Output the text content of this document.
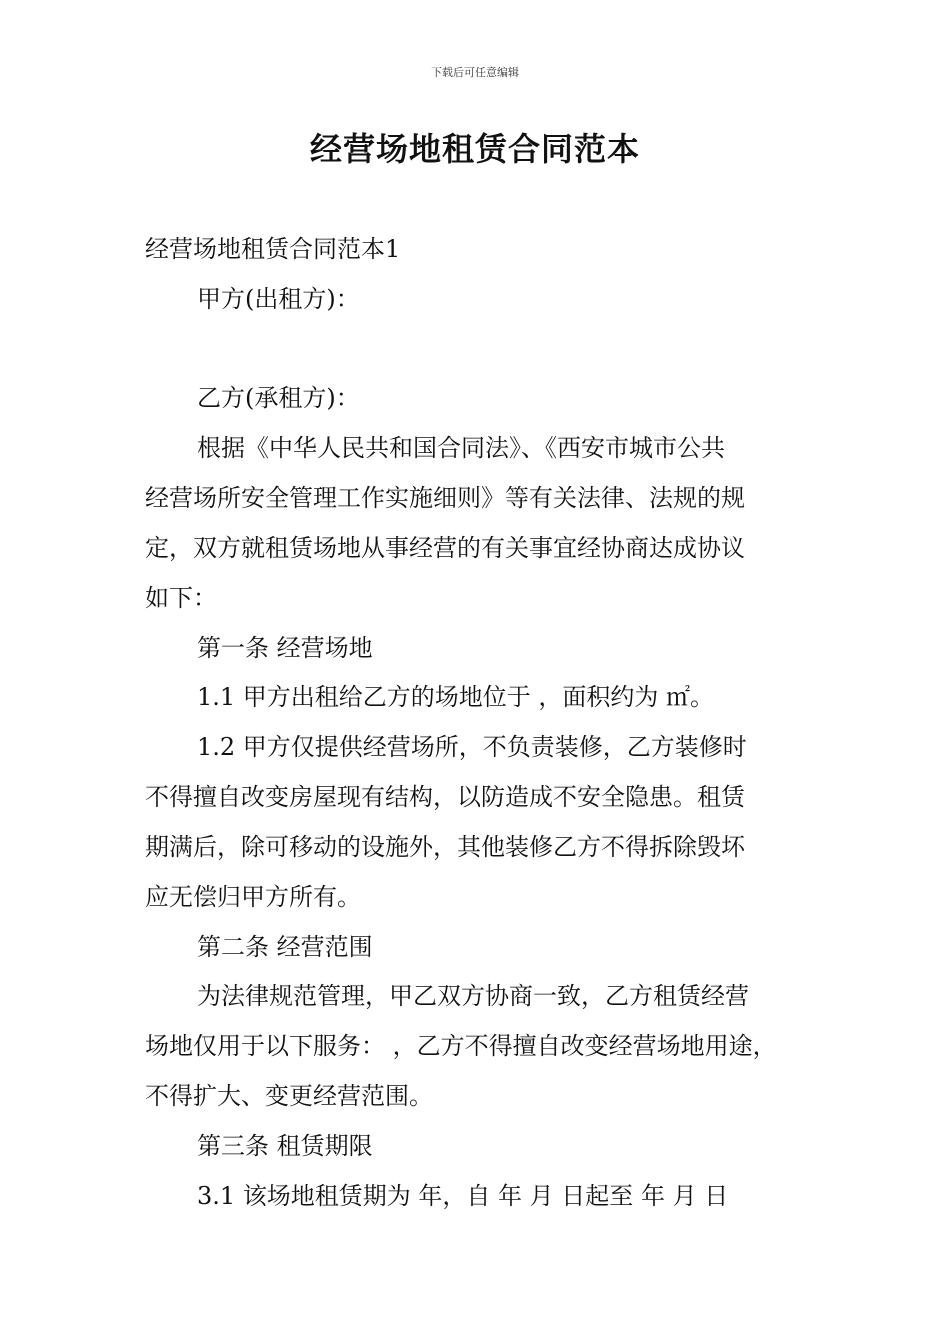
下载后可任意编辑
经营场地租赁合同范本
经营场地租赁合同范本1
甲方(出租方)：
乙方(承租方)：
根据《中华人民共和国合同法》、《西安市城市公共
经营场所安全管理工作实施细则》等有关法律、法规的规
定，双方就租赁场地从事经营的有关事宜经协商达成协议
如下：
第一条 经营场地
1.1 甲方出租给乙方的场地位于 ，面积约为 ㎡。
1.2 甲方仅提供经营场所，不负责装修，乙方装修时
不得擅自改变房屋现有结构，以防造成不安全隐患。租赁
期满后，除可移动的设施外，其他装修乙方不得拆除毁坏
应无偿归甲方所有。
第二条 经营范围
为法律规范管理，甲乙双方协商一致，乙方租赁经营
场地仅用于以下服务： ，乙方不得擅自改变经营场地用途，
不得扩大、变更经营范围。
第三条 租赁期限
3.1 该场地租赁期为 年，自 年 月 日起至 年 月 日
